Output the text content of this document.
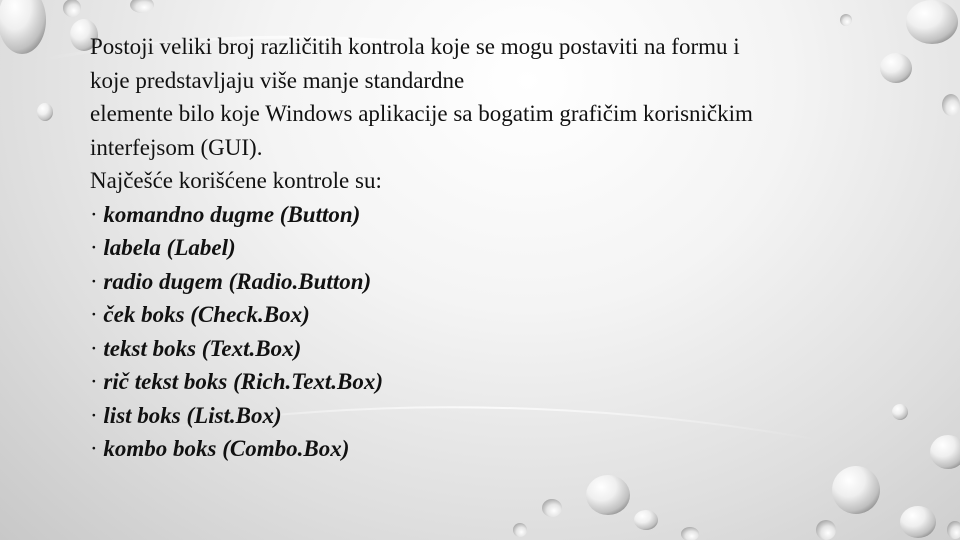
Postoji veliki broj različitih kontrola koje se mogu postaviti na formu i
koje predstavljaju više manje standardne
elemente bilo koje Windows aplikacije sa bogatim grafičim korisničkim
interfejsom (GUI).
Najčešće korišćene kontrole su:
· komandno dugme (Button)
· labela (Label)
· radio dugem (Radio.Button)
· ček boks (Check.Box)
· tekst boks (Text.Box)
· rič tekst boks (Rich.Text.Box)
· list boks (List.Box)
· kombo boks (Combo.Box)
